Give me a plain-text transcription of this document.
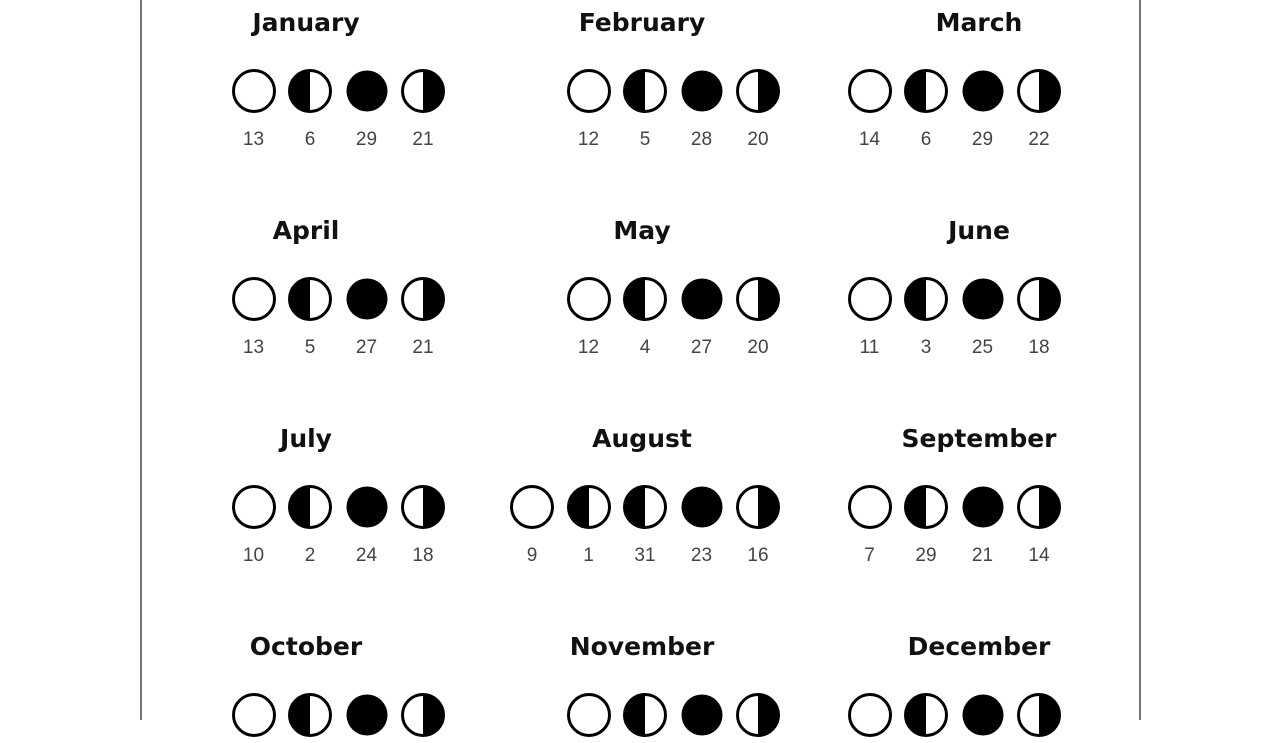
January
13 6 29 21
February
12 5 28 20
March
14 6 29 22
April
13 5 27 21
May
12 4 27 20
June
11 3 25 18
July
10 2 24 18
August
9 1 31 23 16
September
7 29 21 14
October	November	December
